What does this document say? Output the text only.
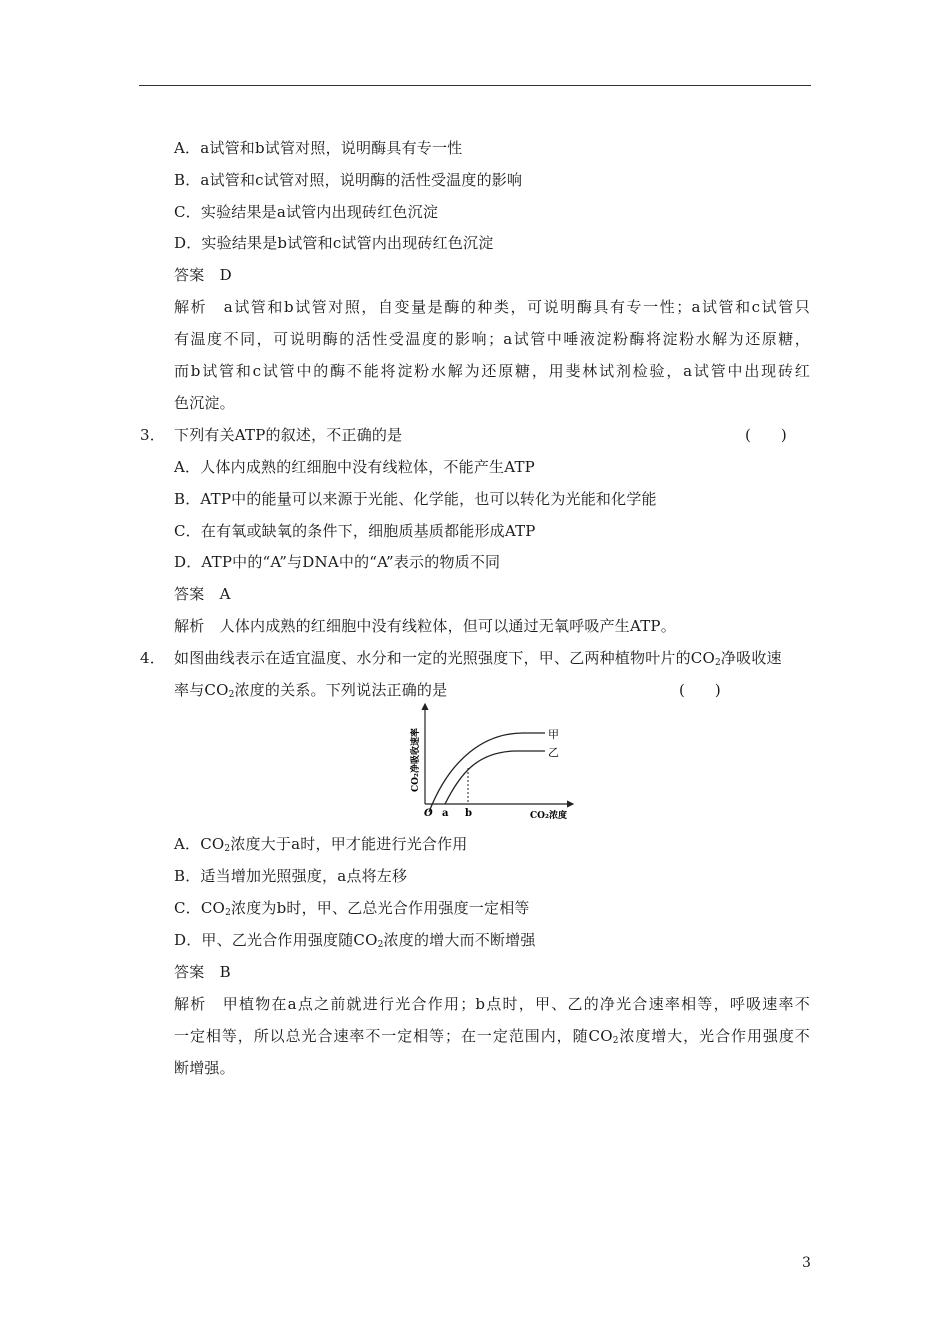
A．a试管和b试管对照，说明酶具有专一性
B．a试管和c试管对照，说明酶的活性受温度的影响
C．实验结果是a试管内出现砖红色沉淀
D．实验结果是b试管和c试管内出现砖红色沉淀
答案　D
解析　a试管和b试管对照，自变量是酶的种类，可说明酶具有专一性；a试管和c试管只
有温度不同，可说明酶的活性受温度的影响；a试管中唾液淀粉酶将淀粉水解为还原糖，
而b试管和c试管中的酶不能将淀粉水解为还原糖，用斐林试剂检验，a试管中出现砖红
色沉淀。
3． 下列有关ATP的叙述，不正确的是	(　　)
A．人体内成熟的红细胞中没有线粒体，不能产生ATP
B．ATP中的能量可以来源于光能、化学能，也可以转化为光能和化学能
C．在有氧或缺氧的条件下，细胞质基质都能形成ATP
D．ATP中的“A”与DNA中的“A”表示的物质不同
答案　A
解析　人体内成熟的红细胞中没有线粒体，但可以通过无氧呼吸产生ATP。
4． 如图曲线表示在适宜温度、水分和一定的光照强度下，甲、乙两种植物叶片的$CO_2$净吸收速
率与$CO_2$浓度的关系。下列说法正确的是	(　　)
甲
乙
O a b	CO₂浓度
CO₂净吸收速率
A．$CO_2$浓度大于a时，甲才能进行光合作用
B．适当增加光照强度，a点将左移
C．$CO_2$浓度为b时，甲、乙总光合作用强度一定相等
D．甲、乙光合作用强度随$CO_2$浓度的增大而不断增强
答案　B
解析　甲植物在a点之前就进行光合作用；b点时，甲、乙的净光合速率相等，呼吸速率不
一定相等，所以总光合速率不一定相等；在一定范围内，随$CO_2$浓度增大，光合作用强度不
断增强。
3
